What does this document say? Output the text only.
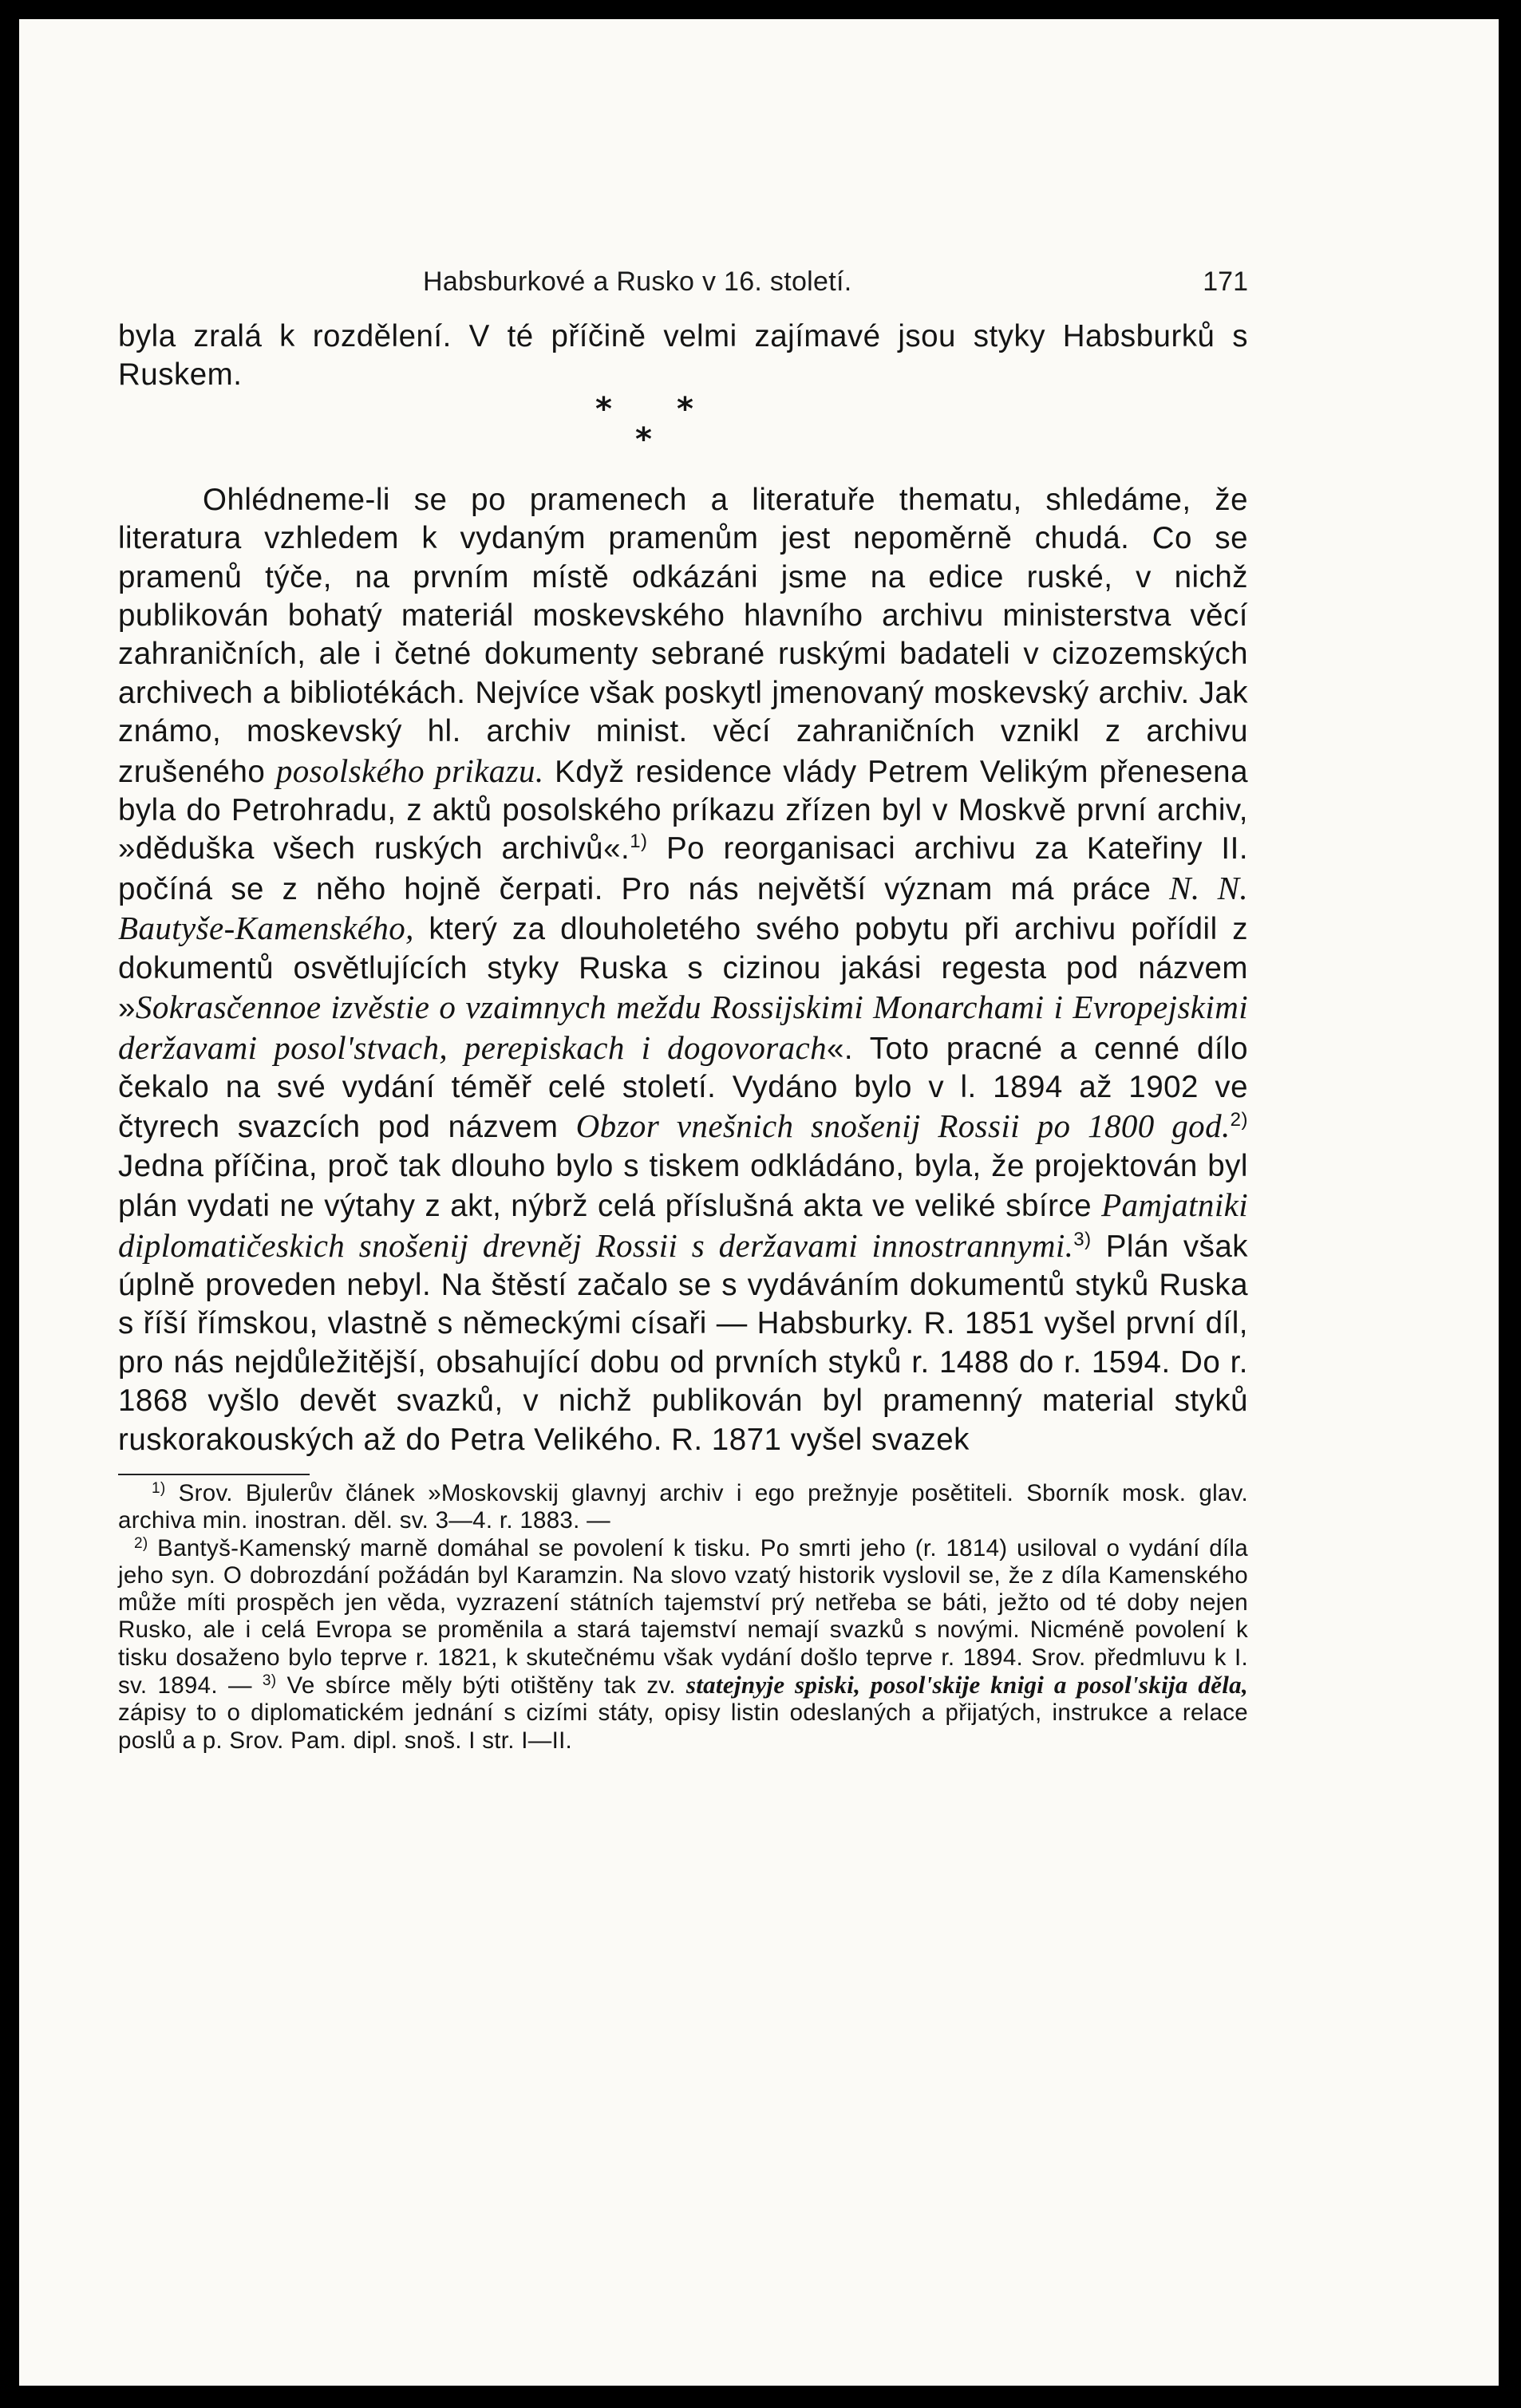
Habsburkové a Rusko v 16. století.	171

byla zralá k rozdělení. V té příčině velmi zajímavé jsou styky Habsburků s Ruskem.

* *
*

Ohlédneme-li se po pramenech a literatuře thematu, shledáme, že literatura vzhledem k vydaným pramenům jest nepoměrně chudá. Co se pramenů týče, na prvním místě odkázáni jsme na edice ruské, v nichž publikován bohatý materiál moskevského hlavního archivu ministerstva věcí zahraničních, ale i četné dokumenty sebrané ruskými badateli v cizozemských archivech a bibliotékách. Nejvíce však poskytl jmenovaný moskevský archiv. Jak známo, moskevský hl. archiv minist. věcí zahraničních vznikl z archivu zrušeného posolského prikazu. Když residence vlády Petrem Velikým přenesena byla do Petrohradu, z aktů posolského príkazu zřízen byl v Moskvě první archiv, »děduška všech ruských archivů«.$^{1)}$ Po reorganisaci archivu za Kateřiny II. počíná se z něho hojně čerpati. Pro nás největší význam má práce N. N. Bautyše-Kamenského, který za dlouholetého svého pobytu při archivu pořídil z dokumentů osvětlujících styky Ruska s cizinou jakási regesta pod názvem »Sokrasčennoe izvěstie o vzaimnych meždu Rossijskimi Monarchami i Evropejskimi deržavami posol'stvach, perepiskach i dogovorach«. Toto pracné a cenné dílo čekalo na své vydání téměř celé století. Vydáno bylo v l. 1894 až 1902 ve čtyrech svazcích pod názvem Obzor vnešnich snošenij Rossii po 1800 god.$^{2)}$ Jedna příčina, proč tak dlouho bylo s tiskem odkládáno, byla, že projektován byl plán vydati ne výtahy z akt, nýbrž celá příslušná akta ve veliké sbírce Pamjatniki diplomatičeskich snošenij drevněj Rossii s deržavami innostrannymi.$^{3)}$ Plán však úplně proveden nebyl. Na štěstí začalo se s vydáváním dokumentů styků Ruska s říší římskou, vlastně s německými císaři — Habsburky. R. 1851 vyšel první díl, pro nás nejdůležitější, obsahující dobu od prvních styků r. 1488 do r. 1594. Do r. 1868 vyšlo devět svazků, v nichž publikován byl pramenný material styků ruskorakouských až do Petra Velikého. R. 1871 vyšel svazek

$^{1)}$ Srov. Bjulerův článek »Moskovskij glavnyj archiv i ego prežnyje posětiteli. Sborník mosk. glav. archiva min. inostran. děl. sv. 3—4. r. 1883. —

$^{2)}$ Bantyš-Kamenský marně domáhal se povolení k tisku. Po smrti jeho (r. 1814) usiloval o vydání díla jeho syn. O dobrozdání požádán byl Karamzin. Na slovo vzatý historik vyslovil se, že z díla Kamenského může míti prospěch jen věda, vyzrazení státních tajemství prý netřeba se báti, ježto od té doby nejen Rusko, ale i celá Evropa se proměnila a stará tajemství nemají svazků s novými. Nicméně povolení k tisku dosaženo bylo teprve r. 1821, k skutečnému však vydání došlo teprve r. 1894. Srov. předmluvu k I. sv. 1894. — $^{3)}$ Ve sbírce měly býti otištěny tak zv. statejnyje spiski, posol'skije knigi a posol'skija děla, zápisy to o diplomatickém jednání s cizími státy, opisy listin odeslaných a přijatých, instrukce a relace poslů a p. Srov. Pam. dipl. snoš. I str. I—II.
